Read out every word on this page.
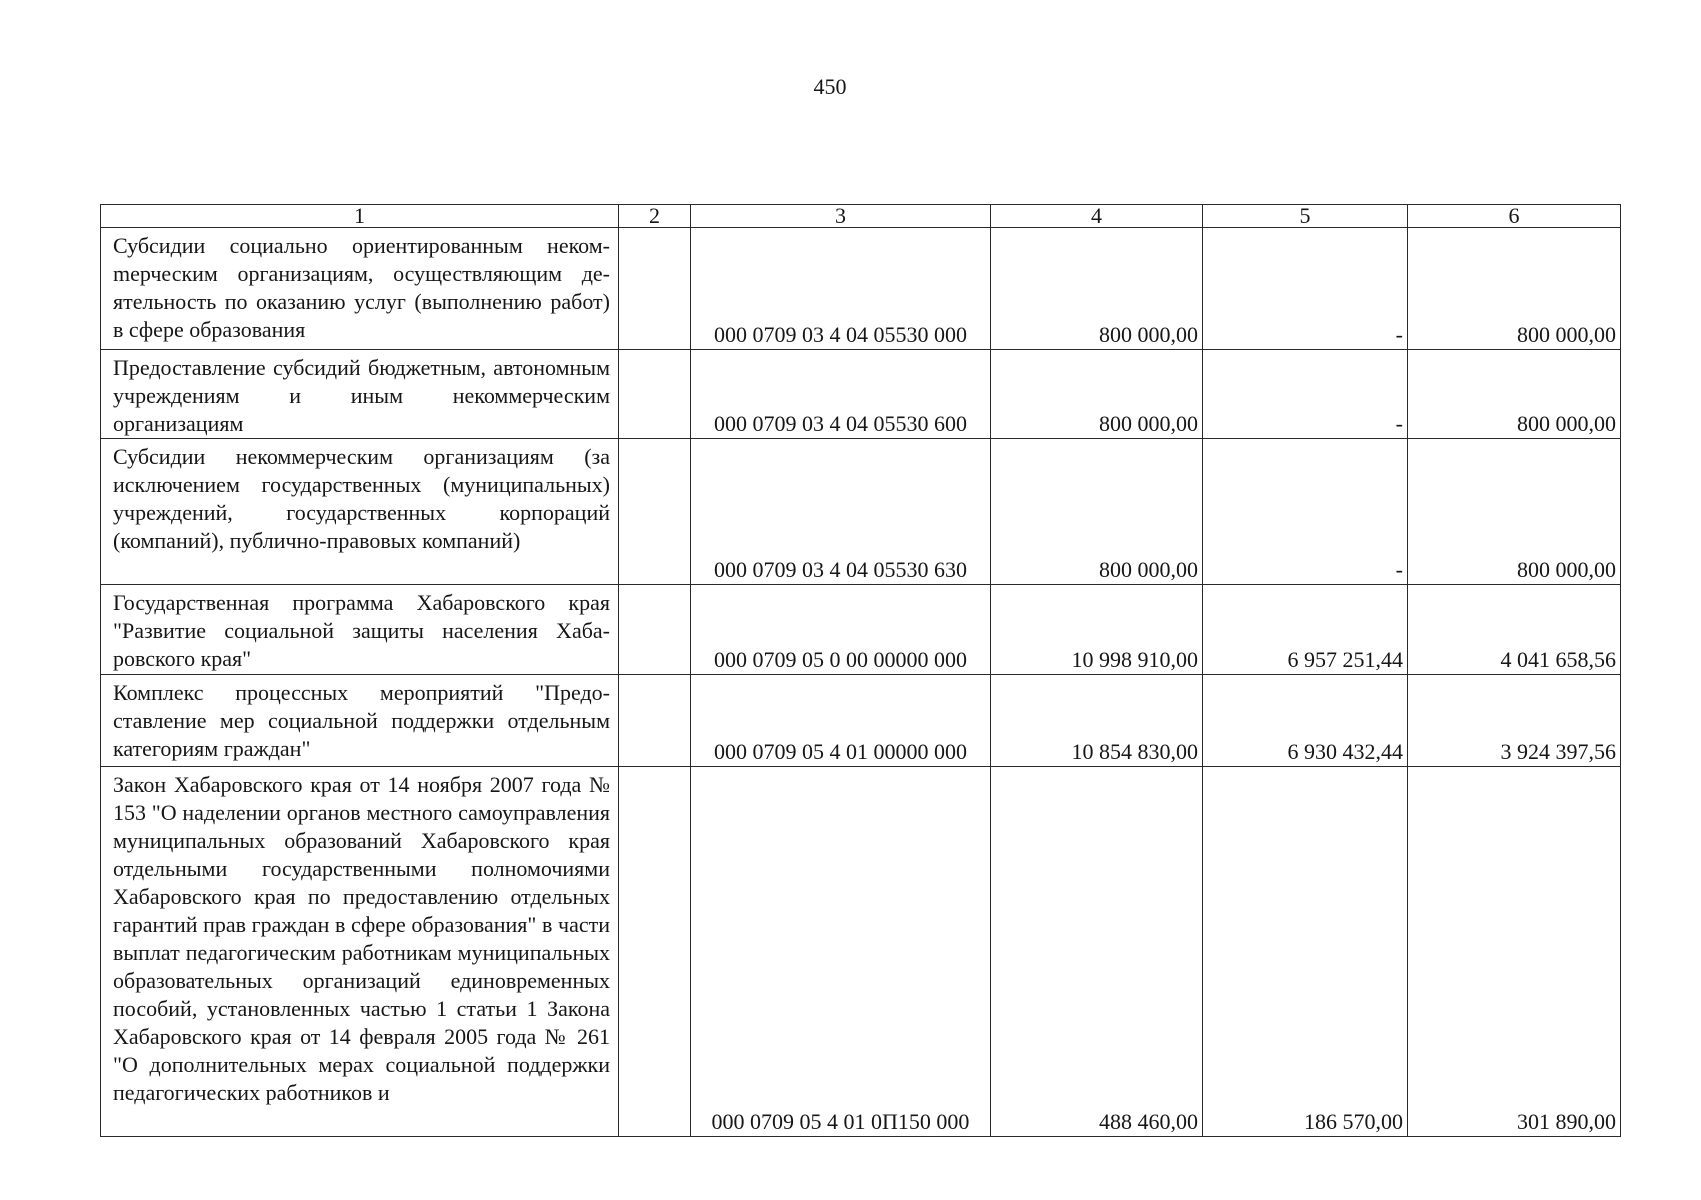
450
1	2	3	4	5	6
Субсидии социально ориентированным некомmерческим организациям, осуществляющим деятельность по оказанию услуг (выполнению работ) в сфере образования		000 0709 03 4 04 05530 000	800 000,00	-	800 000,00
Предоставление субсидий бюджетным, автономным учреждениям и иным некоммерческим организациям		000 0709 03 4 04 05530 600	800 000,00	-	800 000,00
Субсидии некоммерческим организациям (за исключением государственных (муниципальных) учреждений, государственных корпораций (компаний), публично-правовых компаний)		000 0709 03 4 04 05530 630	800 000,00	-	800 000,00
Государственная программа Хабаровского края "Развитие социальной защиты населения Хабаровского края"		000 0709 05 0 00 00000 000	10 998 910,00	6 957 251,44	4 041 658,56
Комплекс процессных мероприятий "Предоставление мер социальной поддержки отдельным категориям граждан"		000 0709 05 4 01 00000 000	10 854 830,00	6 930 432,44	3 924 397,56
Закон Хабаровского края от 14 ноября 2007 года № 153 "О наделении органов местного самоуправления муниципальных образований Хабаровского края отдельными государственными полномочиями Хабаровского края по предоставлению отдельных гарантий прав граждан в сфере образования" в части выплат педагогическим работникам муниципальных образовательных организаций единовременных пособий, установленных частью 1 статьи 1 Закона Хабаровского края от 14 февраля 2005 года № 261 "О дополнительных мерах социальной поддержки педагогических работников и		000 0709 05 4 01 0П150 000	488 460,00	186 570,00	301 890,00
